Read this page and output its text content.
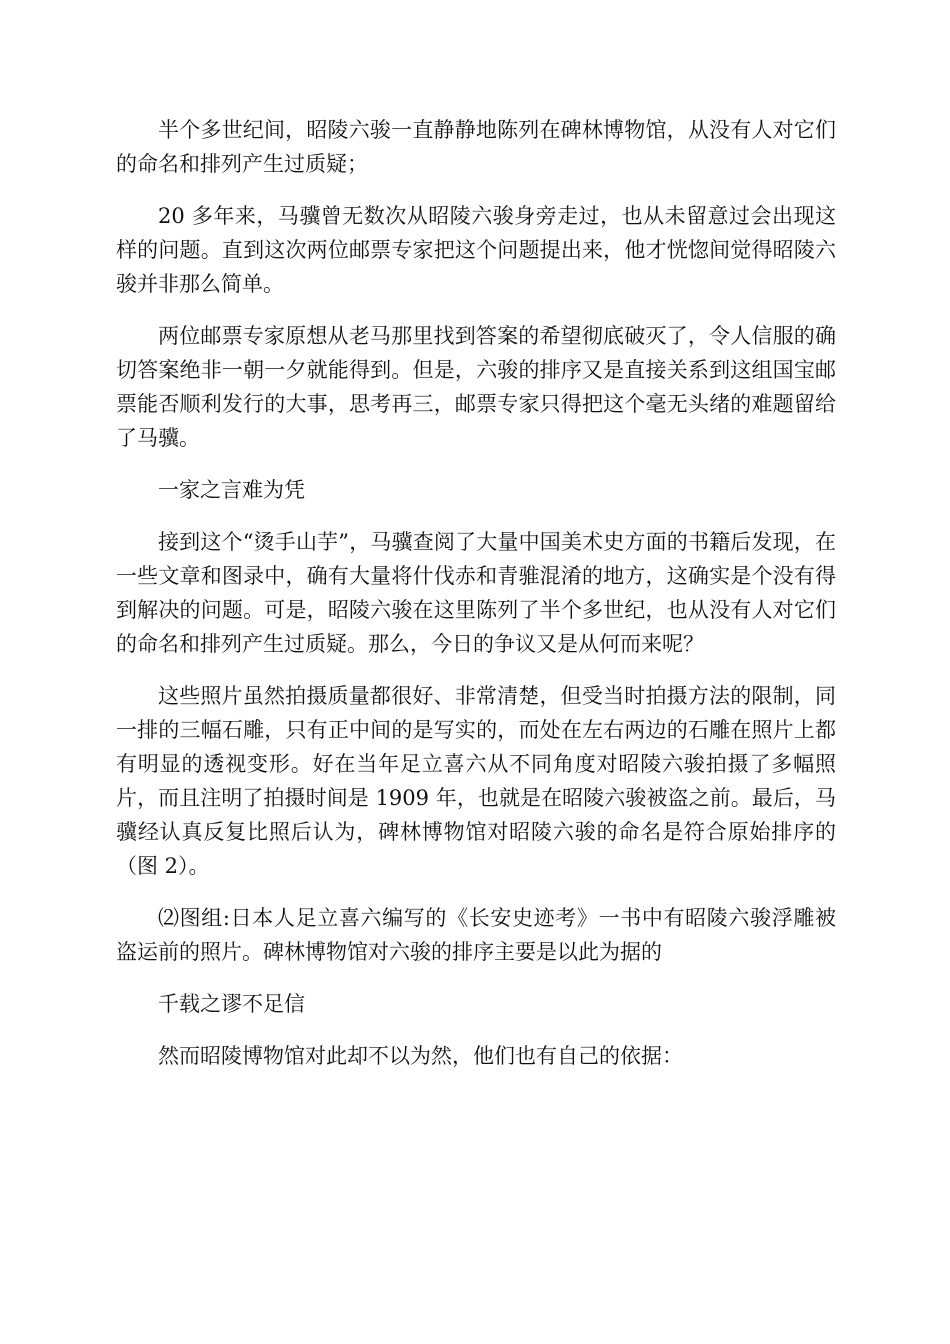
半个多世纪间，昭陵六骏一直静静地陈列在碑林博物馆，从没有人对它们的命名和排列产生过质疑；

20 多年来，马骥曾无数次从昭陵六骏身旁走过，也从未留意过会出现这样的问题。直到这次两位邮票专家把这个问题提出来，他才恍惚间觉得昭陵六骏并非那么简单。

两位邮票专家原想从老马那里找到答案的希望彻底破灭了，令人信服的确切答案绝非一朝一夕就能得到。但是，六骏的排序又是直接关系到这组国宝邮票能否顺利发行的大事，思考再三，邮票专家只得把这个毫无头绪的难题留给了马骥。

一家之言难为凭

接到这个“烫手山芋”，马骥查阅了大量中国美术史方面的书籍后发现，在一些文章和图录中，确有大量将什伐赤和青骓混淆的地方，这确实是个没有得到解决的问题。可是，昭陵六骏在这里陈列了半个多世纪，也从没有人对它们的命名和排列产生过质疑。那么，今日的争议又是从何而来呢？

这些照片虽然拍摄质量都很好、非常清楚，但受当时拍摄方法的限制，同一排的三幅石雕，只有正中间的是写实的，而处在左右两边的石雕在照片上都有明显的透视变形。好在当年足立喜六从不同角度对昭陵六骏拍摄了多幅照片，而且注明了拍摄时间是 1909 年，也就是在昭陵六骏被盗之前。最后，马骥经认真反复比照后认为，碑林博物馆对昭陵六骏的命名是符合原始排序的（图 2）。

⑵图组:日本人足立喜六编写的《长安史迹考》一书中有昭陵六骏浮雕被盗运前的照片。碑林博物馆对六骏的排序主要是以此为据的

千载之谬不足信

然而昭陵博物馆对此却不以为然，他们也有自己的依据：
